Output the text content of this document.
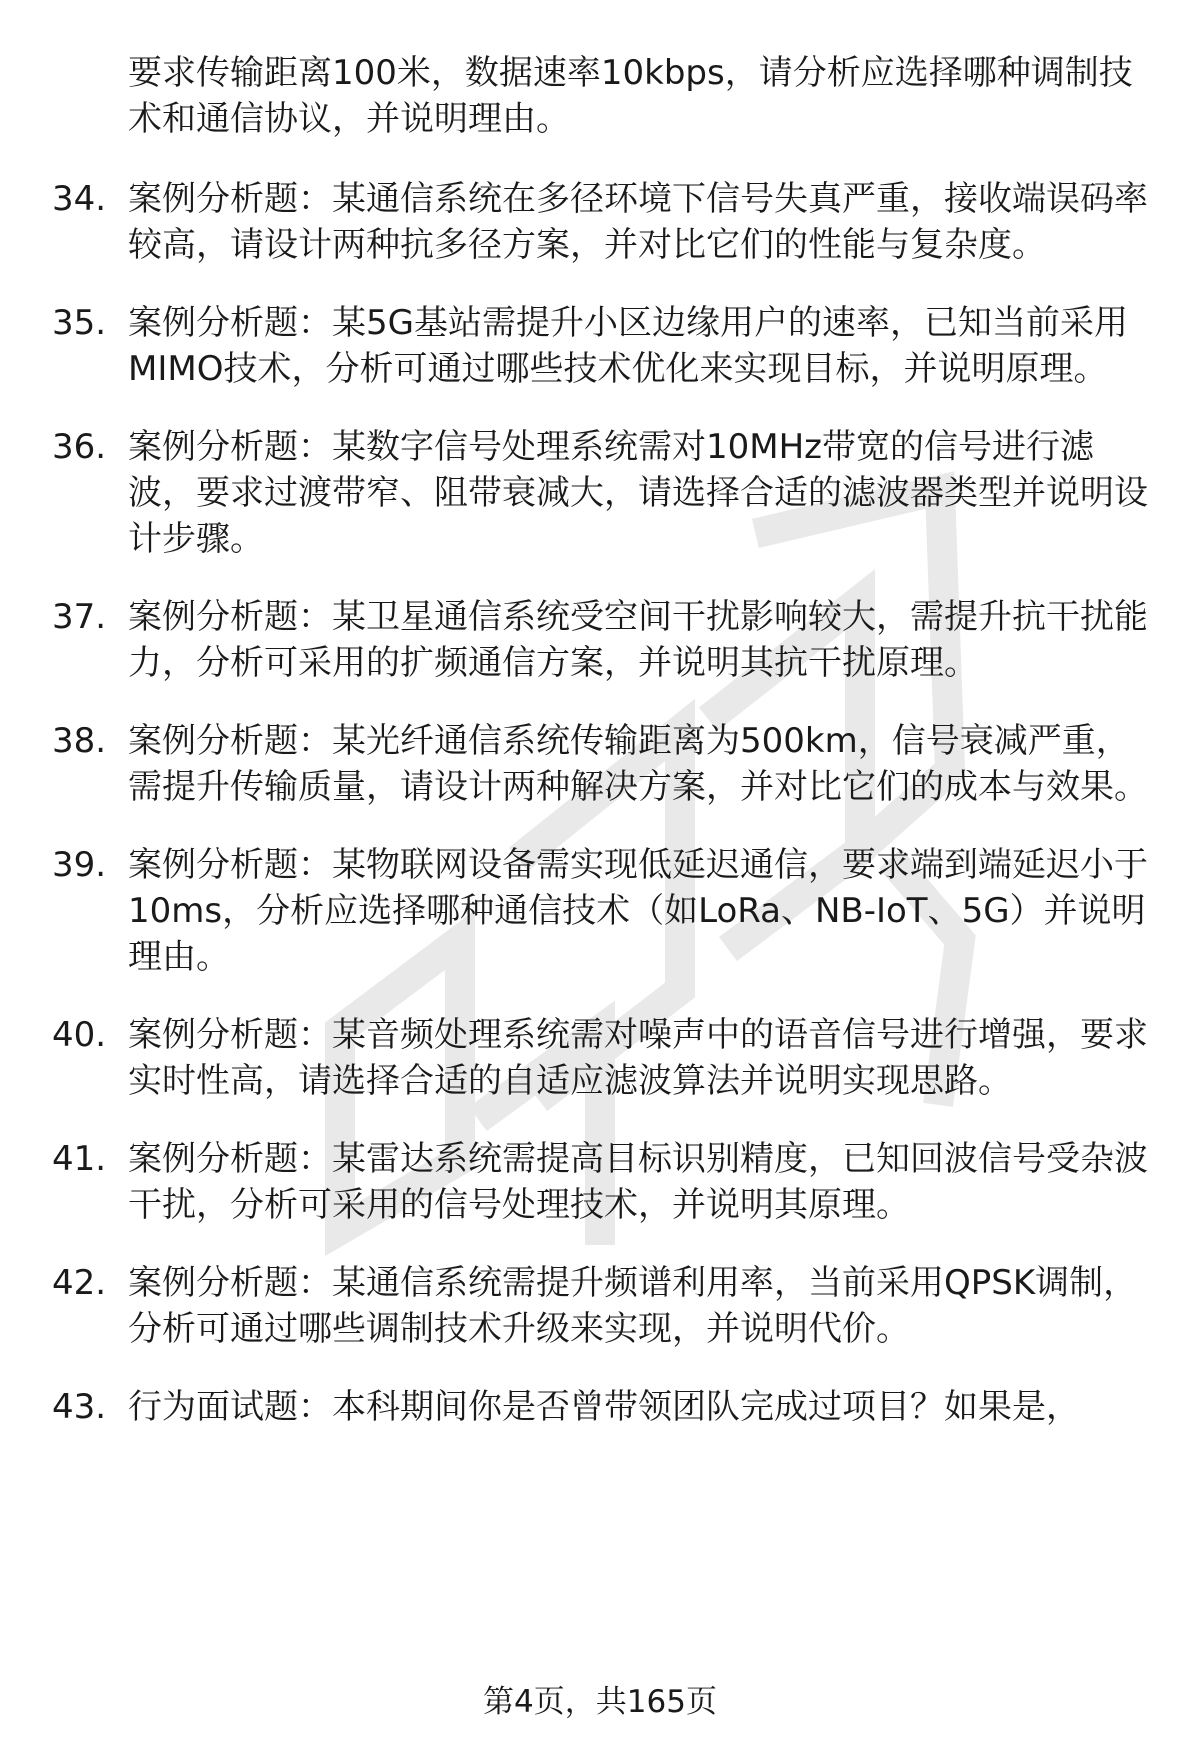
要求传输距离100米，数据速率10kbps，请分析应选择哪种调制技术和通信协议，并说明理由。
34. 案例分析题：某通信系统在多径环境下信号失真严重，接收端误码率较高，请设计两种抗多径方案，并对比它们的性能与复杂度。
35. 案例分析题：某5G基站需提升小区边缘用户的速率，已知当前采用MIMO技术，分析可通过哪些技术优化来实现目标，并说明原理。
36. 案例分析题：某数字信号处理系统需对10MHz带宽的信号进行滤波，要求过渡带窄、阻带衰减大，请选择合适的滤波器类型并说明设计步骤。
37. 案例分析题：某卫星通信系统受空间干扰影响较大，需提升抗干扰能力，分析可采用的扩频通信方案，并说明其抗干扰原理。
38. 案例分析题：某光纤通信系统传输距离为500km，信号衰减严重，需提升传输质量，请设计两种解决方案，并对比它们的成本与效果。
39. 案例分析题：某物联网设备需实现低延迟通信，要求端到端延迟小于10ms，分析应选择哪种通信技术（如LoRa、NB-IoT、5G）并说明理由。
40. 案例分析题：某音频处理系统需对噪声中的语音信号进行增强，要求实时性高，请选择合适的自适应滤波算法并说明实现思路。
41. 案例分析题：某雷达系统需提高目标识别精度，已知回波信号受杂波干扰，分析可采用的信号处理技术，并说明其原理。
42. 案例分析题：某通信系统需提升频谱利用率，当前采用QPSK调制，分析可通过哪些调制技术升级来实现，并说明代价。
43. 行为面试题：本科期间你是否曾带领团队完成过项目？如果是，
第4页，共165页
